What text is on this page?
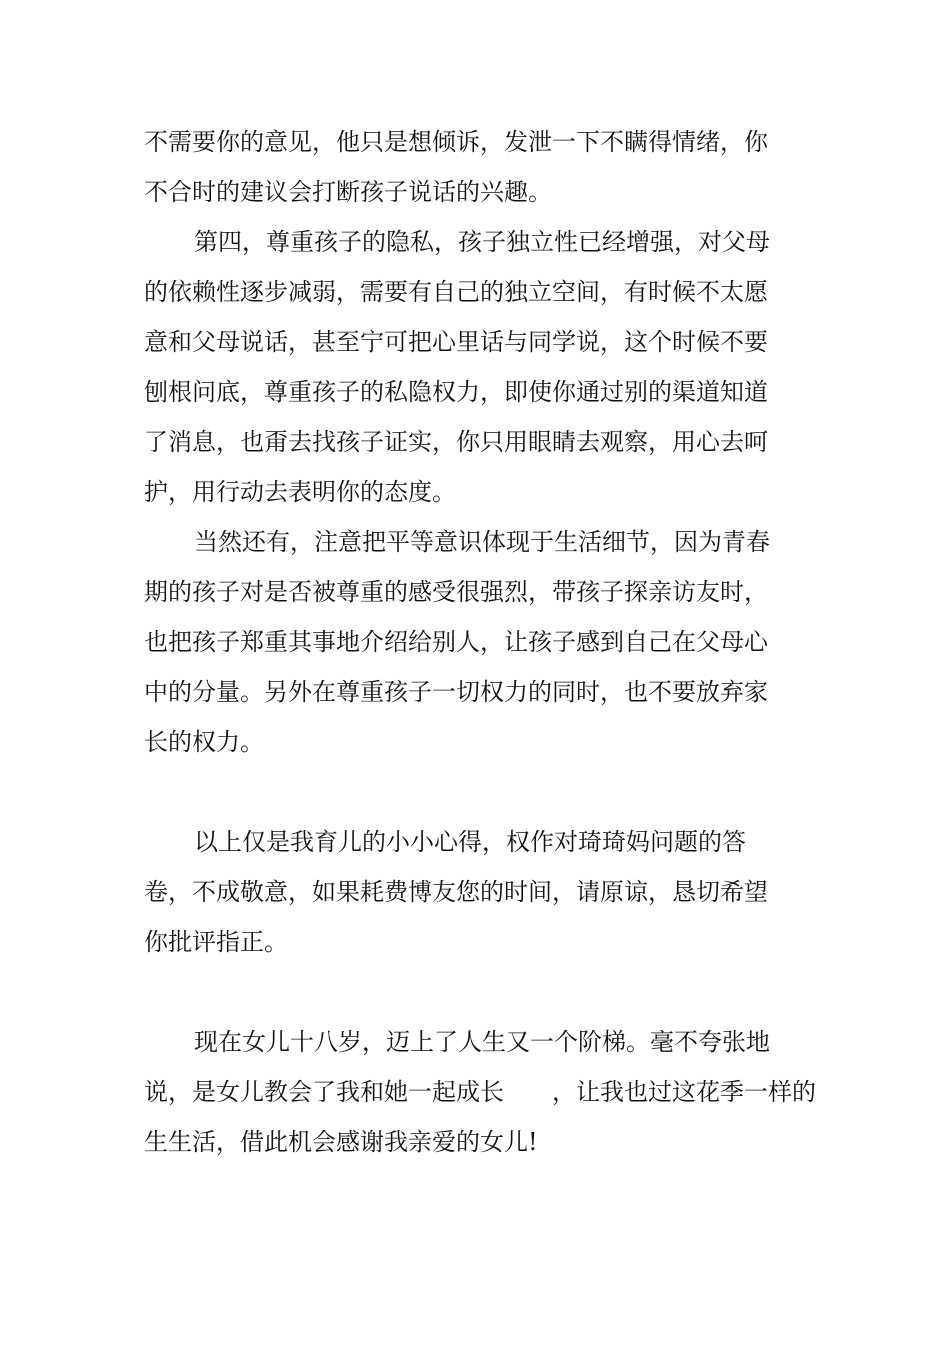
不需要你的意见，他只是想倾诉，发泄一下不瞒得情绪，你
不合时的建议会打断孩子说话的兴趣。
第四，尊重孩子的隐私，孩子独立性已经增强，对父母
的依赖性逐步减弱，需要有自己的独立空间，有时候不太愿
意和父母说话，甚至宁可把心里话与同学说，这个时候不要
刨根问底，尊重孩子的私隐权力，即使你通过别的渠道知道
了消息，也甭去找孩子证实，你只用眼睛去观察，用心去呵
护，用行动去表明你的态度。
当然还有，注意把平等意识体现于生活细节，因为青春
期的孩子对是否被尊重的感受很强烈，带孩子探亲访友时，
也把孩子郑重其事地介绍给别人，让孩子感到自己在父母心
中的分量。另外在尊重孩子一切权力的同时，也不要放弃家
长的权力。
以上仅是我育儿的小小心得，权作对琦琦妈问题的答
卷，不成敬意，如果耗费博友您的时间，请原谅，恳切希望
你批评指正。
现在女儿十八岁，迈上了人生又一个阶梯。毫不夸张地
说，是女儿教会了我和她一起成长　　，让我也过这花季一样的
生生活，借此机会感谢我亲爱的女儿!
